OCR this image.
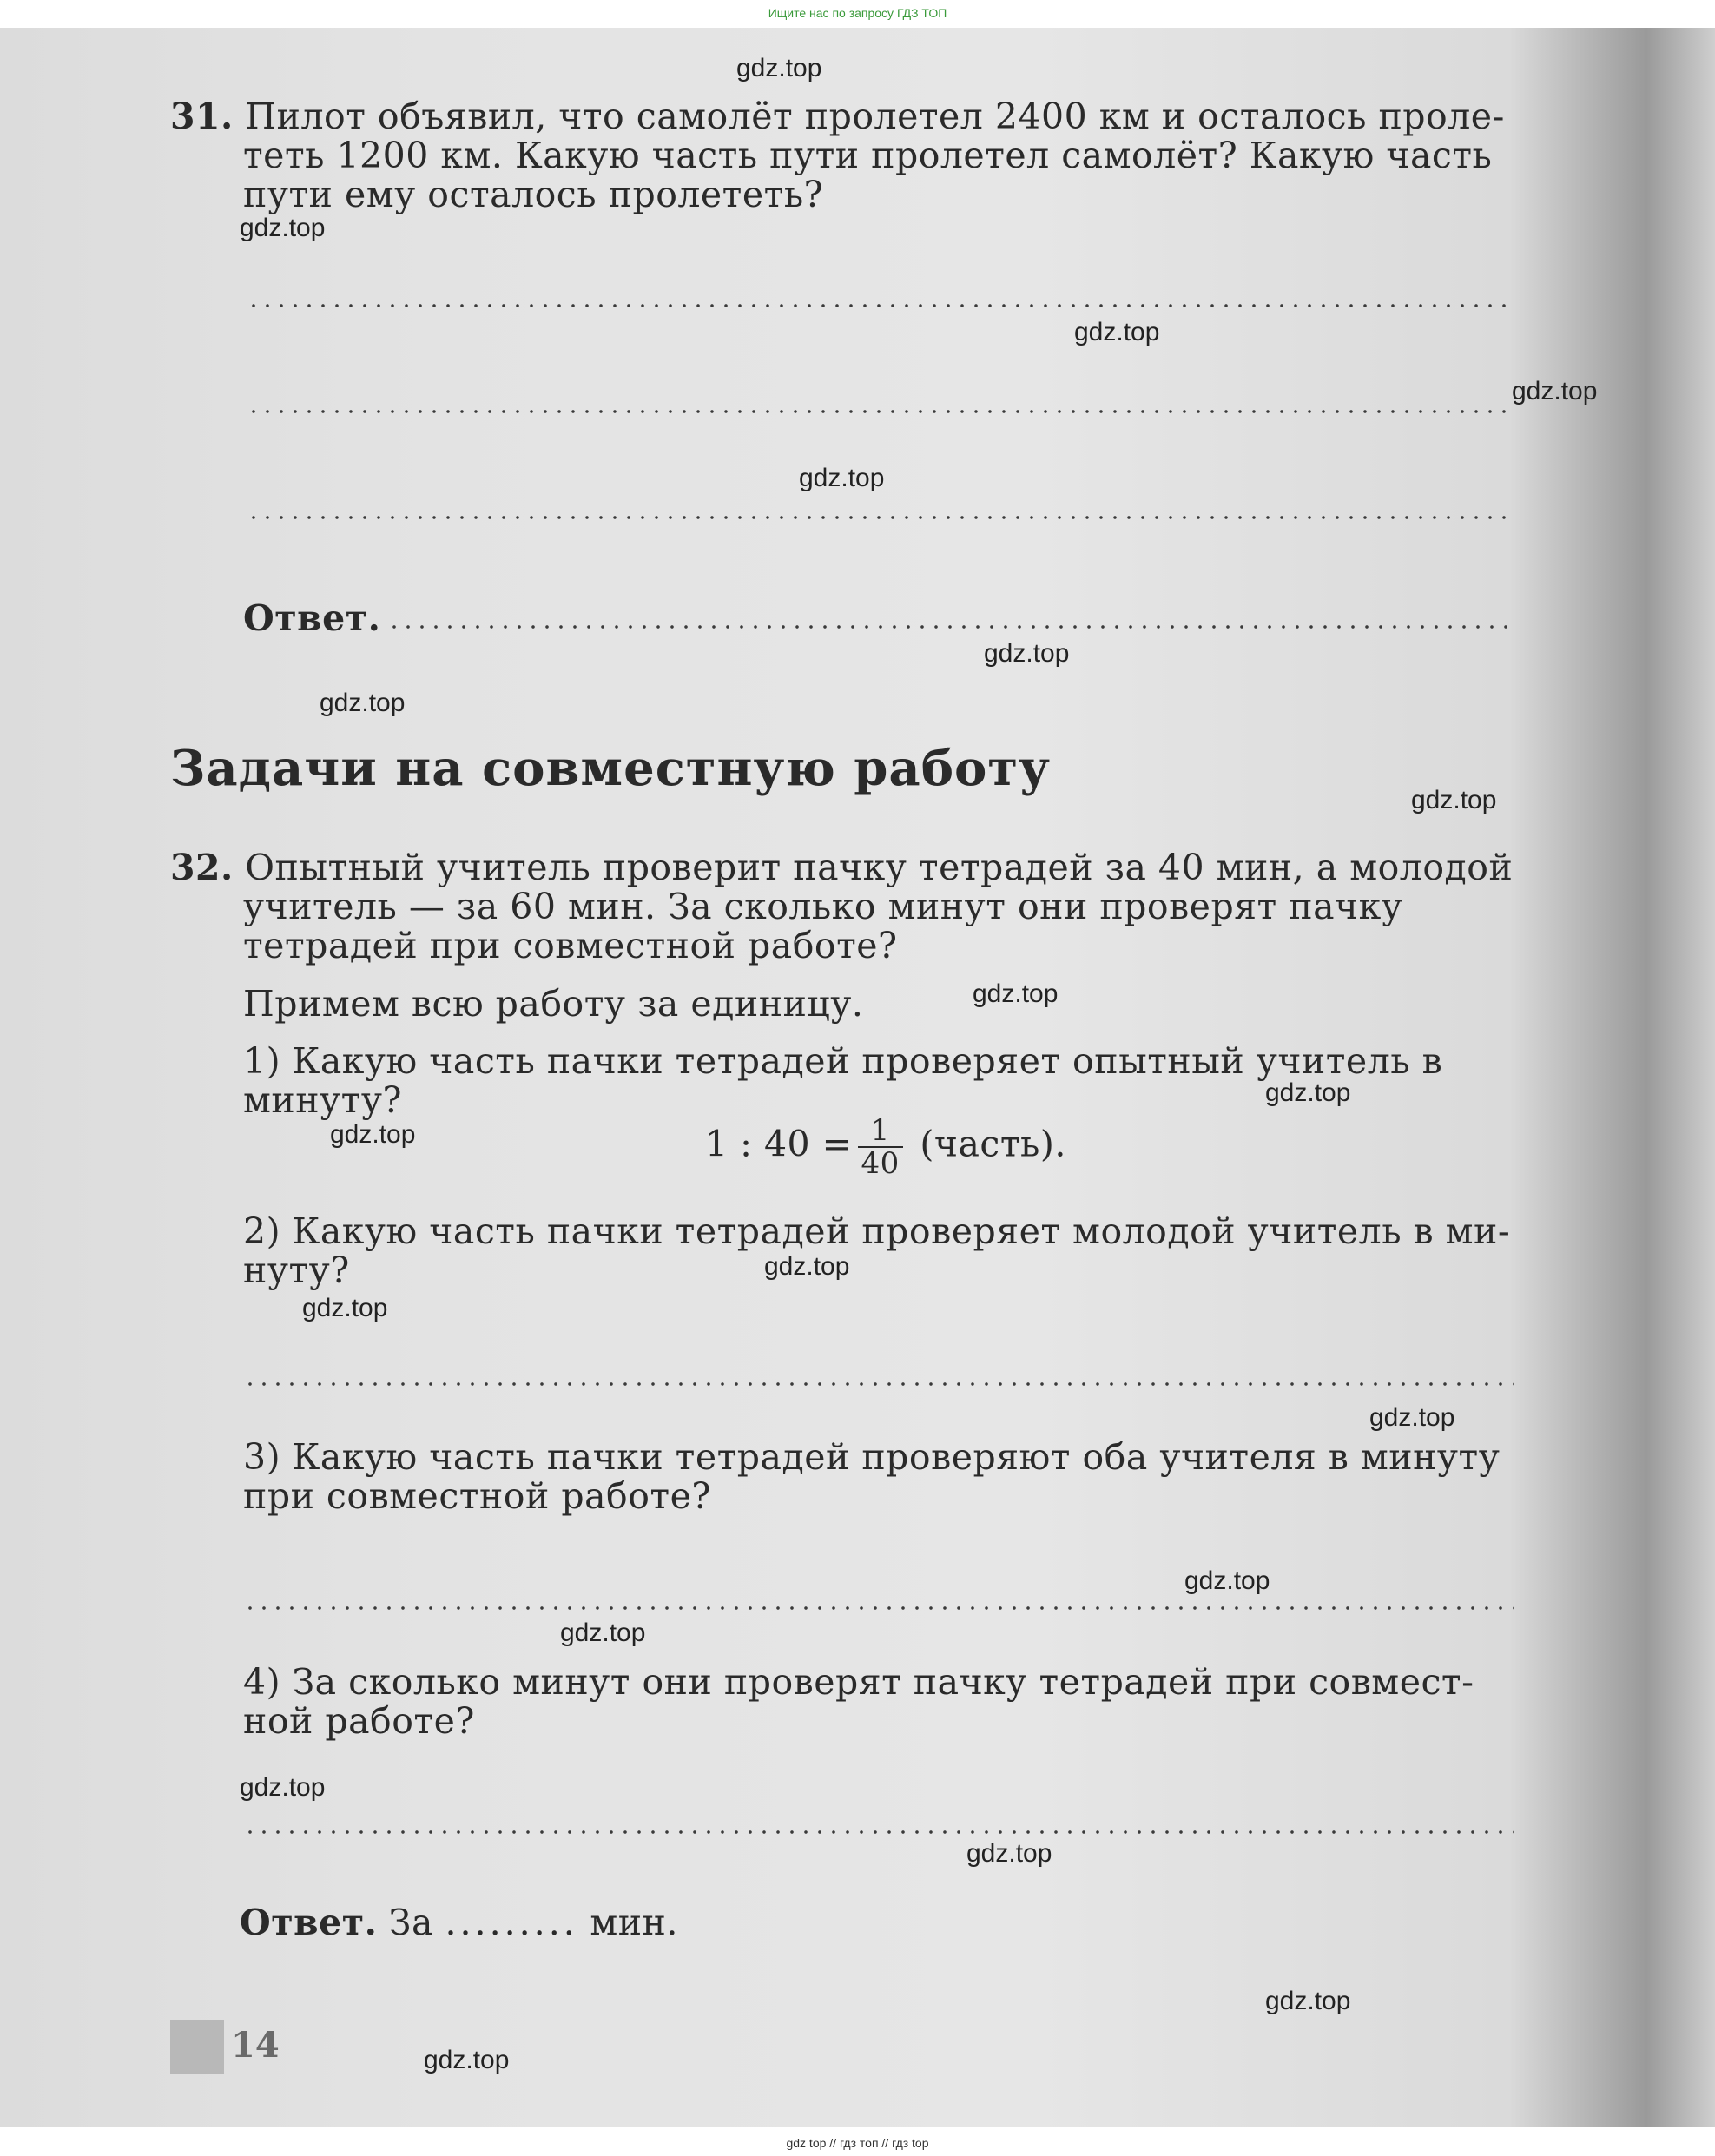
Ищите нас по запросу ГДЗ ТОП
31. Пилот объявил, что самолёт пролетел 2400 км и осталось проле-
теть 1200 км. Какую часть пути пролетел самолёт? Какую часть
пути ему осталось пролететь?
Ответ.
Задачи на совместную работу
32. Опытный учитель проверит пачку тетрадей за 40 мин, а молодой
учитель — за 60 мин. За сколько минут они проверят пачку
тетрадей при совместной работе?
Примем всю работу за единицу.
1) Какую часть пачки тетрадей проверяет опытный учитель в
минуту?
1 : $40 = \frac{1}{40}$ (часть).
2) Какую часть пачки тетрадей проверяет молодой учитель в ми-
нуту?
3) Какую часть пачки тетрадей проверяют оба учителя в минуту
при совместной работе?
4) За сколько минут они проверят пачку тетрадей при совмест-
ной работе?
Ответ. За ......... мин.
14
gdz.top
gdz.top
gdz.top
gdz.top
gdz.top
gdz.top
gdz.top
gdz.top
gdz.top
gdz.top
gdz.top
gdz.top
gdz.top
gdz.top
gdz.top
gdz.top
gdz.top
gdz.top
gdz.top
gdz.top
gdz top // гдз топ // гдз top
